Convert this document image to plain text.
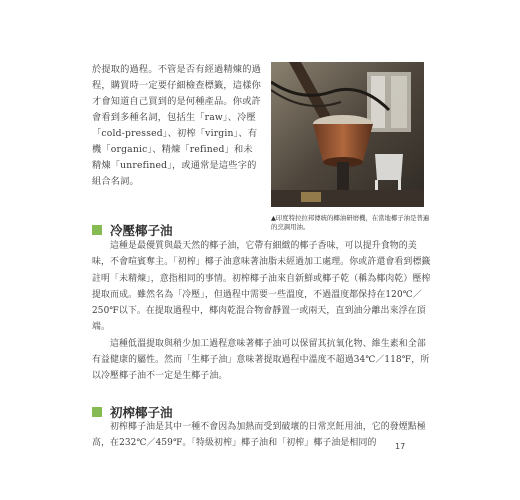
於提取的過程。不管是否有經過精煉的過程，購買時一定要仔細檢查標籤，這樣你才會知道自己買到的是何種產品。你或許會看到多種名詞，包括生「raw」、冷壓「cold-pressed」、初榨「virgin」、有機「organic」、精煉「refined」和未精煉「unrefined」，或通常是這些字的組合名詞。

▲印度特拉拉邦傳統的椰油研磨機，在當地椰子油是普遍的烹調用油。
冷壓椰子油

這種是最優質與最天然的椰子油，它帶有細緻的椰子香味，可以提升食物的美味，不會喧賓奪主。「初榨」椰子油意味著油脂未經過加工處理。你或許還會看到標籤註明「未精煉」，意指相同的事情。初榨椰子油來自新鮮或椰子乾（稱為椰肉乾）壓榨提取而成。雖然名為「冷壓」，但過程中需要一些溫度，不過溫度都保持在120℃／250℉以下。在提取過程中，椰肉乾混合物會靜置一或兩天，直到油分離出來浮在頂端。

這種低溫提取與稍少加工過程意味著椰子油可以保留其抗氧化物、維生素和全部有益健康的屬性。然而「生椰子油」意味著提取過程中溫度不超過34℃／118℉，所以冷壓椰子油不一定是生椰子油。

初榨椰子油

初榨椰子油是其中一種不會因為加熱而受到破壞的日常烹飪用油，它的發煙點極高，在232℃／459℉。「特級初榨」椰子油和「初榨」椰子油是相同的	17
